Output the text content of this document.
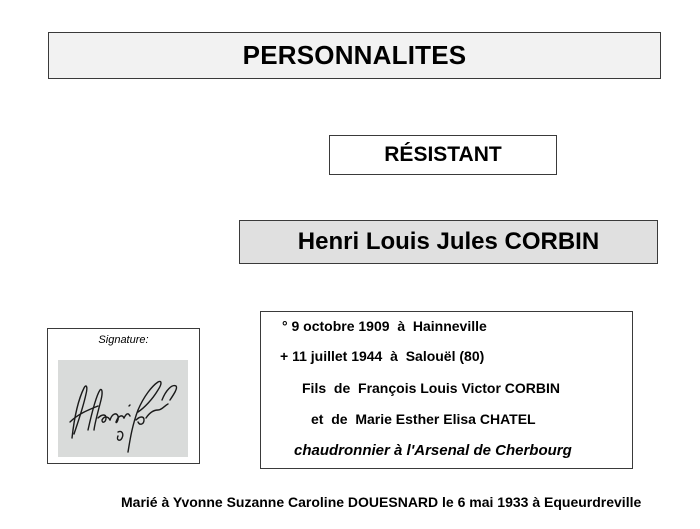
PERSONNALITES
RÉSISTANT
Henri Louis Jules CORBIN
Signature:
° 9 octobre 1909  à  Hainneville
+ 11 juillet 1944  à  Salouël (80)
Fils  de  François Louis Victor CORBIN
et  de  Marie Esther Elisa CHATEL
chaudronnier à l'Arsenal de Cherbourg
Marié à Yvonne Suzanne Caroline DOUESNARD le 6 mai 1933 à Equeurdreville
